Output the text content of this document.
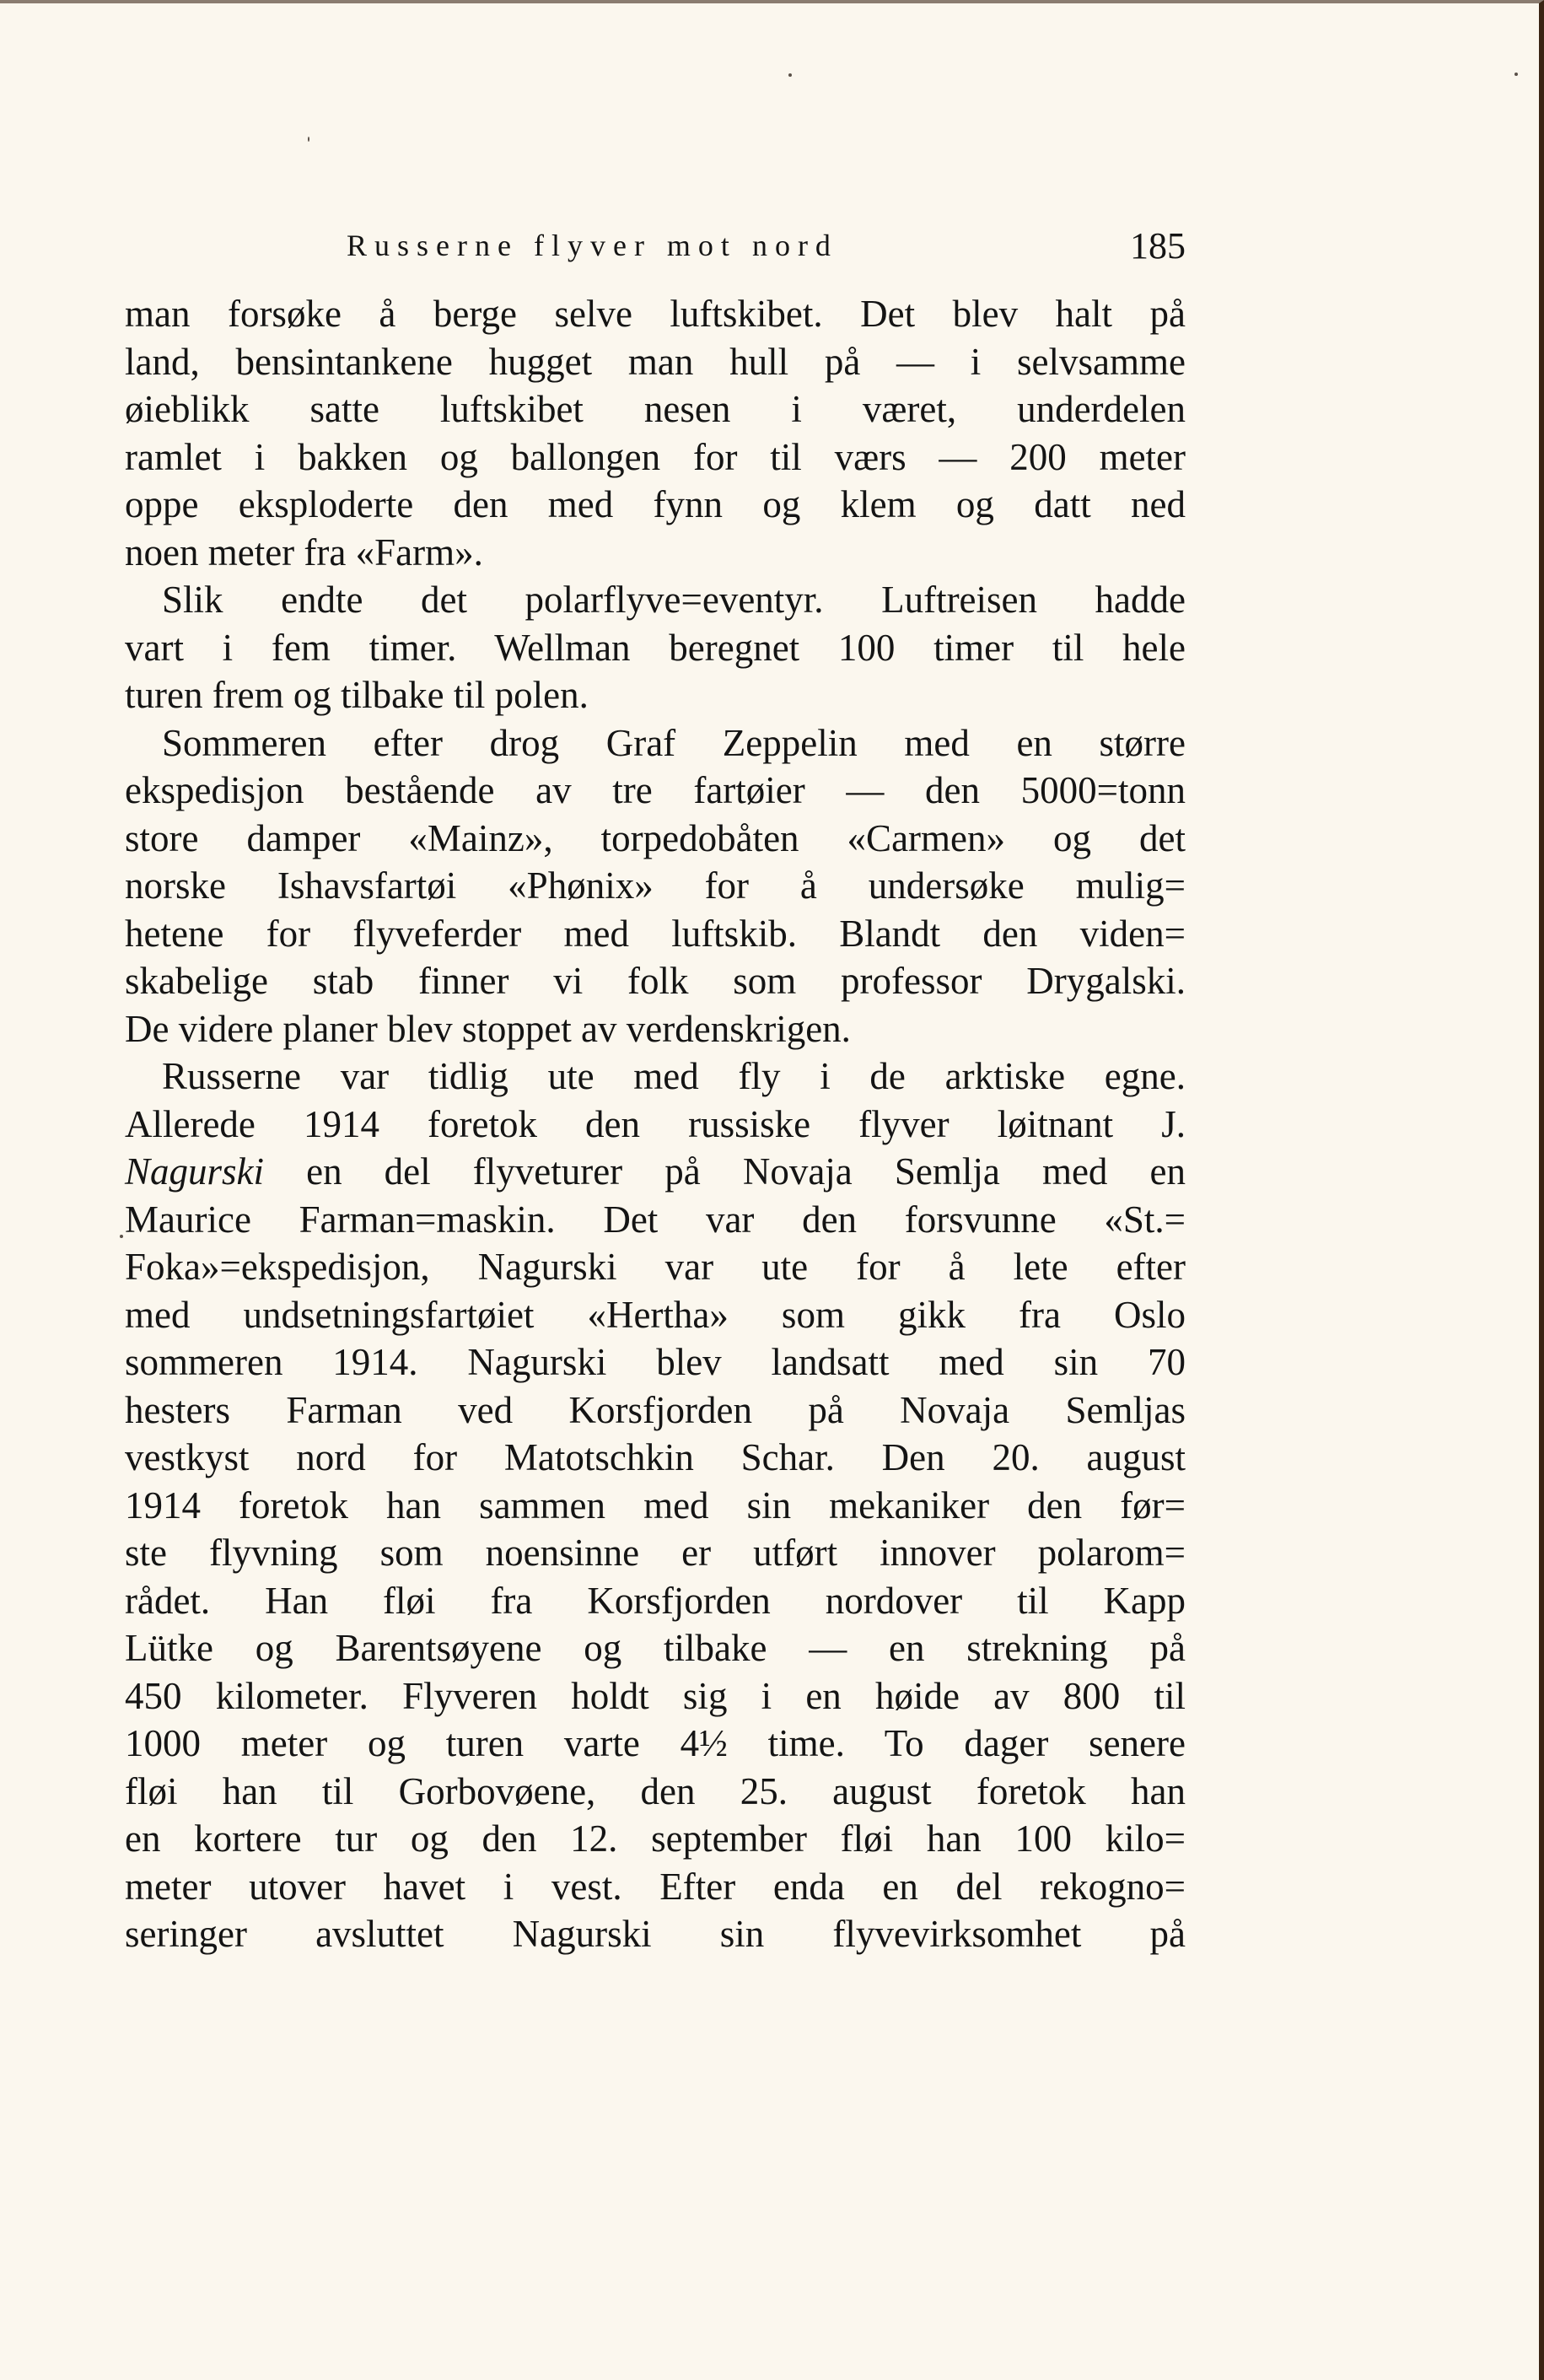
Russerne flyver mot nord	185
man forsøke å berge selve luftskibet. Det blev halt på
land, bensintankene hugget man hull på — i selvsamme
øieblikk satte luftskibet nesen i været, underdelen
ramlet i bakken og ballongen for til værs — 200 meter
oppe eksploderte den med fynn og klem og datt ned
noen meter fra «Farm».
Slik endte det polarflyve=eventyr. Luftreisen hadde
vart i fem timer. Wellman beregnet 100 timer til hele
turen frem og tilbake til polen.
Sommeren efter drog Graf Zeppelin med en større
ekspedisjon bestående av tre fartøier — den 5000=tonn
store damper «Mainz», torpedobåten «Carmen» og det
norske Ishavsfartøi «Phønix» for å undersøke mulig=
hetene for flyveferder med luftskib. Blandt den viden=
skabelige stab finner vi folk som professor Drygalski.
De videre planer blev stoppet av verdenskrigen.
Russerne var tidlig ute med fly i de arktiske egne.
Allerede 1914 foretok den russiske flyver løitnant J.
Nagurski en del flyveturer på Novaja Semlja med en
Maurice Farman=maskin. Det var den forsvunne «St.=
Foka»=ekspedisjon, Nagurski var ute for å lete efter
med undsetningsfartøiet «Hertha» som gikk fra Oslo
sommeren 1914. Nagurski blev landsatt med sin 70
hesters Farman ved Korsfjorden på Novaja Semljas
vestkyst nord for Matotschkin Schar. Den 20. august
1914 foretok han sammen med sin mekaniker den før=
ste flyvning som noensinne er utført innover polarom=
rådet. Han fløi fra Korsfjorden nordover til Kapp
Lütke og Barentsøyene og tilbake — en strekning på
450 kilometer. Flyveren holdt sig i en høide av 800 til
1000 meter og turen varte 4½ time. To dager senere
fløi han til Gorbovøene, den 25. august foretok han
en kortere tur og den 12. september fløi han 100 kilo=
meter utover havet i vest. Efter enda en del rekogno=
seringer avsluttet Nagurski sin flyvevirksomhet på
